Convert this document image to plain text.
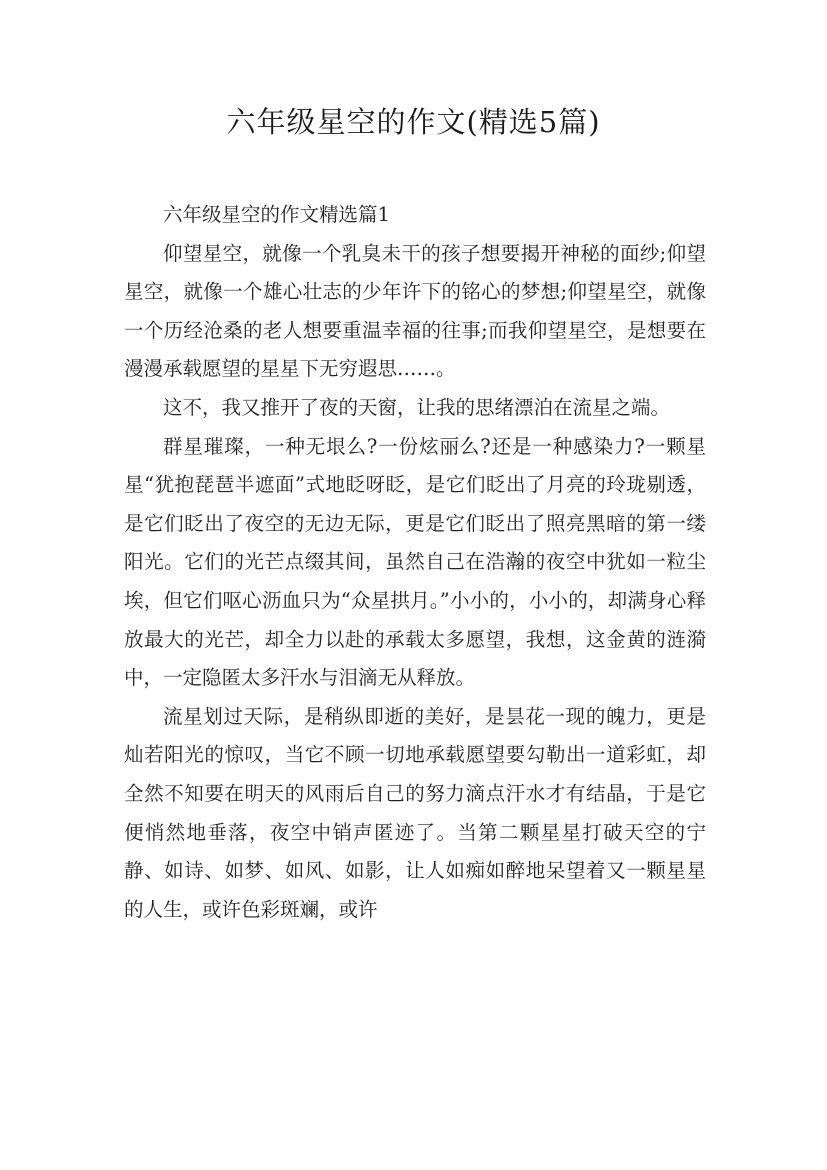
六年级星空的作文(精选5篇)

六年级星空的作文精选篇1

仰望星空，就像一个乳臭未干的孩子想要揭开神秘的面纱;仰望星空，就像一个雄心壮志的少年许下的铭心的梦想;仰望星空，就像一个历经沧桑的老人想要重温幸福的往事;而我仰望星空，是想要在漫漫承载愿望的星星下无穷遐思……。

这不，我又推开了夜的天窗，让我的思绪漂泊在流星之端。

群星璀璨，一种无垠么?一份炫丽么?还是一种感染力?一颗星星“犹抱琵琶半遮面”式地眨呀眨，是它们眨出了月亮的玲珑剔透，是它们眨出了夜空的无边无际，更是它们眨出了照亮黑暗的第一缕阳光。它们的光芒点缀其间，虽然自己在浩瀚的夜空中犹如一粒尘埃，但它们呕心沥血只为“众星拱月。”小小的，小小的，却满身心释放最大的光芒，却全力以赴的承载太多愿望，我想，这金黄的涟漪中，一定隐匿太多汗水与泪滴无从释放。

流星划过天际，是稍纵即逝的美好，是昙花一现的魄力，更是灿若阳光的惊叹，当它不顾一切地承载愿望要勾勒出一道彩虹，却全然不知要在明天的风雨后自己的努力滴点汗水才有结晶，于是它便悄然地垂落，夜空中销声匿迹了。当第二颗星星打破天空的宁静、如诗、如梦、如风、如影，让人如痴如醉地呆望着又一颗星星的人生，或许色彩斑斓，或许
